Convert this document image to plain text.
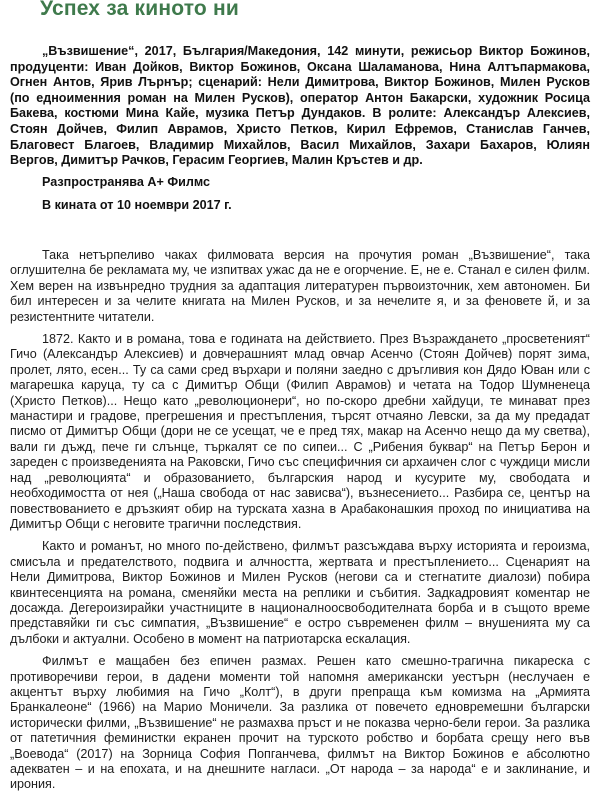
Успех за киното ни

„Възвишение“, 2017, България/Македония, 142 минути, режисьор Виктор Божинов, продуценти: Иван Дойков, Виктор Божинов, Оксана Шаламанова, Нина Алтъпармакова, Огнен Антов, Ярив Лърнър; сценарий: Нели Димитрова, Виктор Божинов, Милен Русков (по едноименния роман на Милен Русков), оператор Антон Бакарски, художник Росица Бакева, костюми Мина Кайе, музика Петър Дундаков. В ролите: Александър Алексиев, Стоян Дойчев, Филип Аврамов, Христо Петков, Кирил Ефремов, Станислав Ганчев, Благовест Благоев, Владимир Михайлов, Васил Михайлов, Захари Бахаров, Юлиян Вергов, Димитър Рачков, Герасим Георгиев, Малин Кръстев и др.

Разпространява А+ Филмс
В кината от 10 ноември 2017 г.

Така нетърпеливо чаках филмовата версия на прочутия роман „Възвишение“, така оглушителна бе рекламата му, че изпитвах ужас да не е огорчение. Е, не е. Станал е силен филм. Хем верен на извънредно трудния за адаптация литературен първоизточник, хем автономен. Би бил интересен и за челите книгата на Милен Русков, и за нечелите я, и за феновете й, и за резистентните читатели.

1872. Както и в романа, това е годината на действието. През Възраждането „просветеният“ Гичо (Александър Алексиев) и довчерашният млад овчар Асенчо (Стоян Дойчев) порят зима, пролет, лято, есен... Ту са сами сред върхари и поляни заедно с дръгливия кон Дядо Юван или с магарешка каруца, ту са с Димитър Общи (Филип Аврамов) и четата на Тодор Шумненеца (Христо Петков)... Нещо като „революционери“, но по-скоро дребни хайдуци, те минават през манастири и градове, прегрешения и престъпления, търсят отчаяно Левски, за да му предадат писмо от Димитър Общи (дори не се усещат, че е пред тях, макар на Асенчо нещо да му светва), вали ги дъжд, пече ги слънце, търкалят се по сипеи... С „Рибения буквар“ на Петър Берон и зареден с произведенията на Раковски, Гичо със специфичния си архаичен слог с чуждици мисли над „революцията“ и образованието, българския народ и кусурите му, свободата и необходимостта от нея („Наша свобода от нас зависва“), възнесението... Разбира се, център на повествованието е дръзкият обир на турската хазна в Арабаконашкия проход по инициатива на Димитър Общи с неговите трагични последствия.

Както и романът, но много по-действено, филмът разсъждава върху историята и героизма, смисъла и предателството, подвига и алчността, жертвата и престъплението... Сценарият на Нели Димитрова, Виктор Божинов и Милен Русков (негови са и стегнатите диалози) побира квинтесенцията на романа, сменяйки места на реплики и събития. Задкадровият коментар не досажда. Дегероизирайки участниците в националноосвободителната борба и в същото време представяйки ги със симпатия, „Възвишение“ е остро съвременен филм – внушенията му са дълбоки и актуални. Особено в момент на патриотарска ескалация.

Филмът е мащабен без епичен размах. Решен като смешно-трагична пикареска с противоречиви герои, в дадени моменти той напомня американски уестърн (неслучаен е акцентът върху любимия на Гичо „Колт“), в други препраща към комизма на „Армията Бранкалеоне“ (1966) на Марио Моничели. За разлика от повечето едновремешни български исторически филми, „Възвишение“ не размахва пръст и не показва черно-бели герои. За разлика от патетичния феминистки екранен прочит на турското робство и борбата срещу него във „Воевода“ (2017) на Зорница София Попганчева, филмът на Виктор Божинов е абсолютно адекватен – и на епохата, и на днешните нагласи. „От народа – за народа“ е и заклинание, и ирония.
